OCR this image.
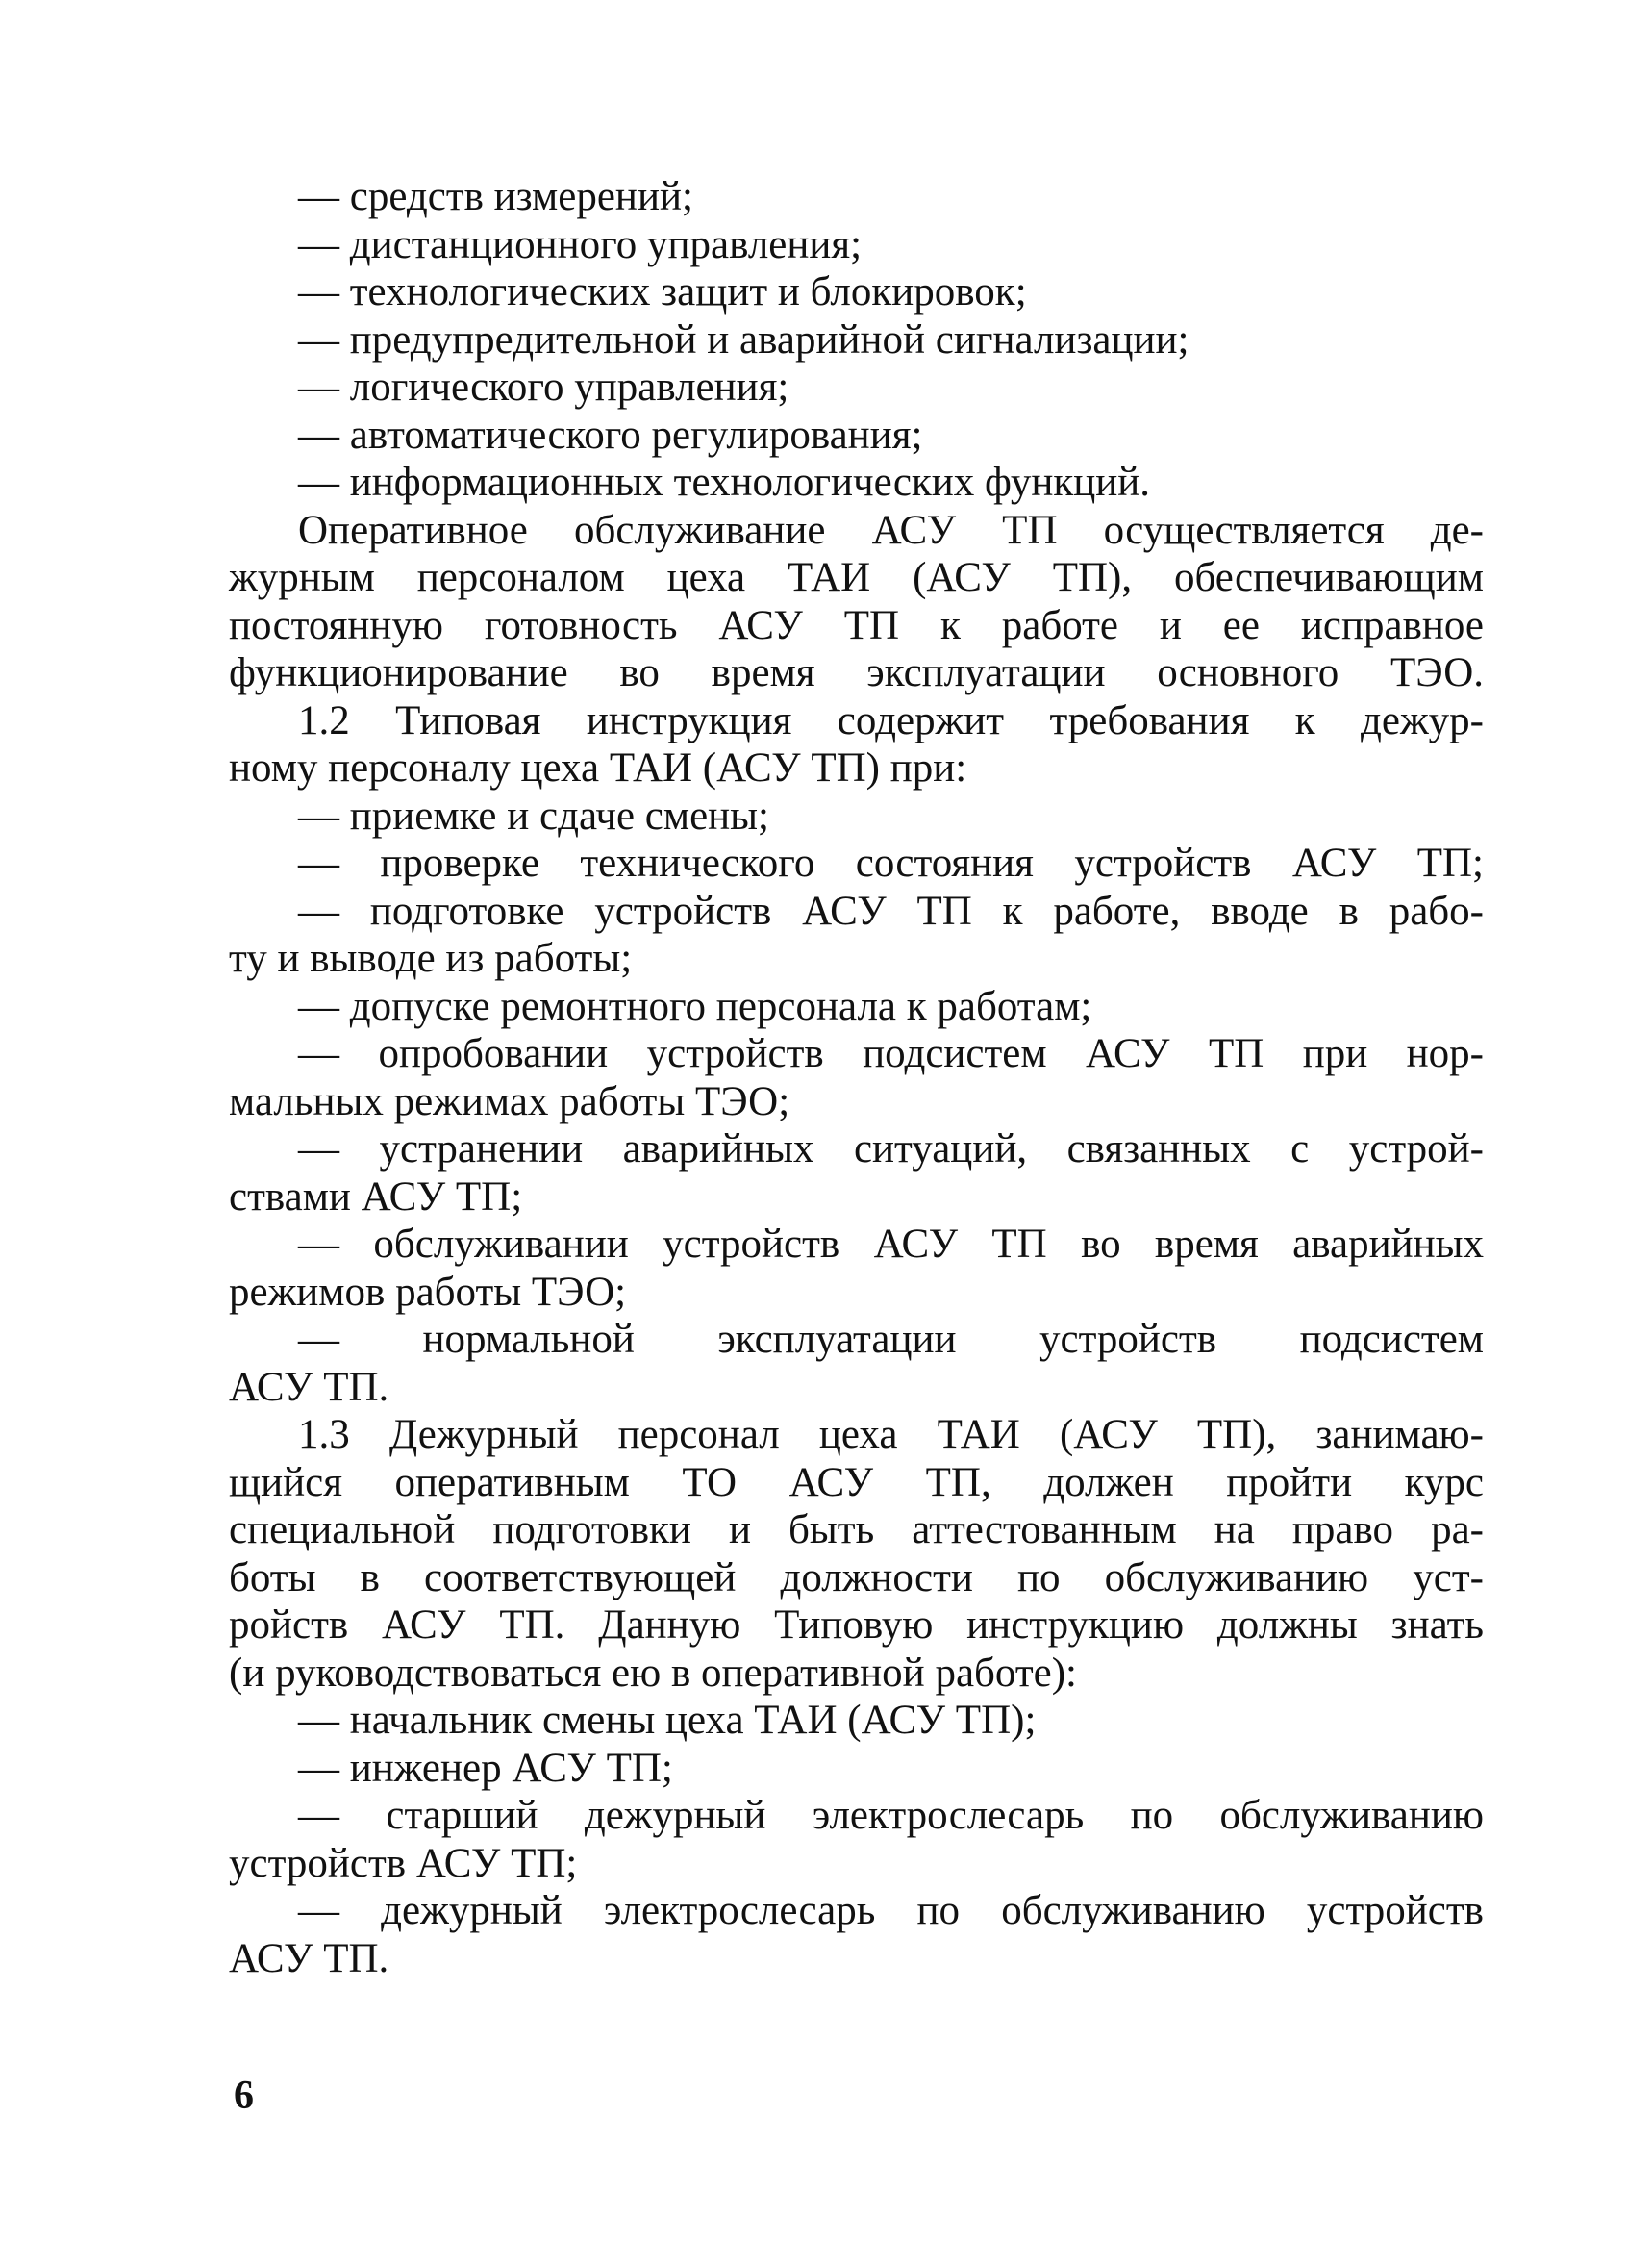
— средств измерений;
— дистанционного управления;
— технологических защит и блокировок;
— предупредительной и аварийной сигнализации;
— логического управления;
— автоматического регулирования;
— информационных технологических функций.
Оперативное обслуживание АСУ ТП осуществляется де-
журным персоналом цеха ТАИ (АСУ ТП), обеспечивающим
постоянную готовность АСУ ТП к работе и ее исправное
функционирование во время эксплуатации основного ТЭО.
1.2 Типовая инструкция содержит требования к дежур-
ному персоналу цеха ТАИ (АСУ ТП) при:
— приемке и сдаче смены;
— проверке технического состояния устройств АСУ ТП;
— подготовке устройств АСУ ТП к работе, вводе в рабо-
ту и выводе из работы;
— допуске ремонтного персонала к работам;
— опробовании устройств подсистем АСУ ТП при нор-
мальных режимах работы ТЭО;
— устранении аварийных ситуаций, связанных с устрой-
ствами АСУ ТП;
— обслуживании устройств АСУ ТП во время аварийных
режимов работы ТЭО;
— нормальной эксплуатации устройств подсистем
АСУ ТП.
1.3 Дежурный персонал цеха ТАИ (АСУ ТП), занимаю-
щийся оперативным ТО АСУ ТП, должен пройти курс
специальной подготовки и быть аттестованным на право ра-
боты в соответствующей должности по обслуживанию уст-
ройств АСУ ТП. Данную Типовую инструкцию должны знать
(и руководствоваться ею в оперативной работе):
— начальник смены цеха ТАИ (АСУ ТП);
— инженер АСУ ТП;
— старший дежурный электрослесарь по обслуживанию
устройств АСУ ТП;
— дежурный электрослесарь по обслуживанию устройств
АСУ ТП.
6
